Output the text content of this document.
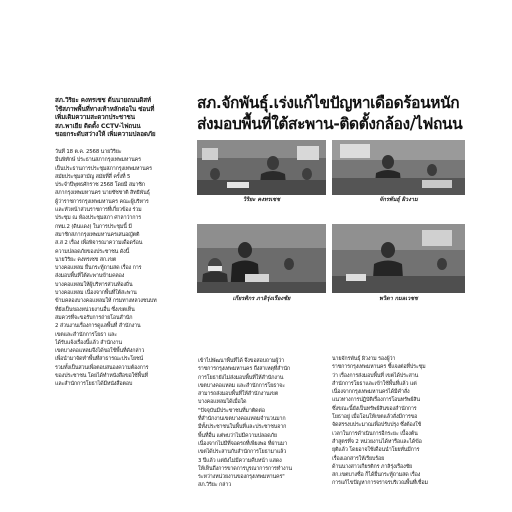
สภ.วิริยะ คงทรเซช ต้นนายถนนดิสท์
ใช้สภาพพื้นที่ทางเท้าหลักต่อใน ซ่อนที่
เพิ่มเติมความสะดวกประชาชน
สภ.พาเยีย ติดตั้ง CCTV-ไฟถนน
ขอยกระดับสว่างให้ เพิ่มความปลอดภัย
วันที่ 18 ต.ค. 2568 นายวิริยะ
มีนพิทักษ์ ประธานสภากรุงเทพมหานคร
เป็นประธานการประชุมสภากรุงเทพมหานคร
สมัยประชุมสามัญ สมัยที่สี่ ครั้งที่ 5
ประจำปีพุทธศักราช 2568 โดยมี สมาชิก
สภากรุงเทพมหานคร นายชัชชาติ สิทธิพันธุ์
ผู้ว่าราชการกรุงเทพมหานคร คณะผู้บริหาร
และหัวหน้าส่วนราชการที่เกี่ยวข้อง ร่วม
ประชุม ณ ห้องประชุมสภา ศาลาว่าการ
กทม.2 (ดินแดง) ในการประชุมนี้ มี
สมาชิกสภากรุงเทพมหานครเสนอญัตติ
ส.ส 2 เรื่อง เพื่อพิจารณาความเดือดร้อน
ความปลอดภัยของประชาชน ดังนี้
นายวิริยะ คงทรเซช สก.เขต
บางคอแหลม ยื่นกระทู้ถามสด เรื่อง การ
ส่งมอบพื้นที่ใต้สะพานข้ามคลอง
บางคอแหลมให้ผู้บริหารส่วนท้องถิ่น
บางคอแหลม เนื่องจากพื้นที่ใต้สะพาน
ข้ามคลองบางคอแหลมให้ กรมทางหลวงชนบท
ที่ยังเป็นของหน่วยงานอื่น ซึ่งเขตเห็น
สมควรที่จะขอรับการถ่ายโอนสำนัก
2 ส่วนงานเรื่องการดูแลพื้นที่ สำนักงาน
เขตและสำนักการโยธา และ
ได้รับแจ้งเรื่องนี้แล้ว สำนักงาน
เขตบางคอแหลมจึงได้ขอใช้พื้นที่ดังกล่าว
เพื่อนำมาจัดทำพื้นที่สาธารณะประโยชน์
รวมทั้งเป็นสวนเพื่อตอบสนองความต้องการ
ของประชาชน โดยได้ทำหนังสือขอใช้พื้นที่
และสำนักการโยธาได้มีหนังสือตอบ
สภ.จักพันธุ์.เร่งแก้ไขปัญหาเดือดร้อนหนัก
ส่งมอบพื้นที่ใต้สะพาน-ติดตั้งกล้อง/ไฟถนน
วิริยะ คงทรเซช	จักรพันธุ์ ผิวงาม
เกียรติกร ภาลิรุ่งเรืองชัย	พวิดา กมลเวชช
เข้าไปพัฒนาพื้นที่ได้ จึงขอสอบถามผู้ว่า
ราชการกรุงเทพมหานคร ถึงสาเหตุที่สำนัก
การโยธายังไม่ส่งมอบพื้นที่ให้สำนักงาน
เขตบางคอแหลม และสำนักการโยธาจะ
สามารถส่งมอบพื้นที่ให้สำนักงานเขต
บางคอแหลมได้เมื่อใด
"ปัจจุบันมีประชาชนที่มาติดต่อ
ที่สำนักงานเขตบางคอแหลมจำนวนมาก
มีทั้งประชาชนในพื้นที่และประชาชนจาก
พื้นที่อื่น แต่พบว่าไม่มีความปลอดภัย
เนื่องจากไม่มีที่จอดรถที่เพียงพอ ที่ผ่านมา
เขตได้ประสานกับสำนักการโยธามาแล้ว
3 ปีแล้ว แต่ยังไม่มีความคืบหน้า แสดง
ให้เห็นถึงการขาดการบูรณาการการทำงาน
ระหว่างหน่วยงานของกรุงเทพมหานคร"
สภ.วิริยะ กล่าว
นายจักรพันธุ์ ผิวงาม รองผู้ว่า
ราชการกรุงเทพมหานคร ชี้แจงต่อที่ประชุม
ว่า เรื่องการส่งมอบพื้นที่ เขตได้ประสาน
สำนักการโยธาและเข้าใช้พื้นที่แล้ว แต่
เนื่องจากกรุงเทพมหานครได้มีคำสั่ง
แนวทางการปฏิบัติเรื่องการโอนทรัพย์สิน
ซึ่งขณะนี้ยังเป็นทรัพย์สินของสำนักการ
โยธาอยู่ เมื่อโอนให้เขตแล้วสั่งมีการขอ
จัดสรรงบประมาณเพื่อปรับปรุง ซึ่งต้องใช้
เวลาในการดำเนินการอีกระยะ เบื้องต้น
สำสูตรที่จ 2 หน่วยงานได้หารือและได้ข้อ
ยุติแล้ว โดยอาจใช้เดือนนำโยยทั่นมีการ
เรื่องเอกสารให้เรียบร้อย
ด้านนางสาวเกียรติกร ภาลิรุ่งเรืองชัย
สก.เขตบางซื่อ ก็ได้ยื่นกระทู้ถามสด เรื่อง
การแก้ไขปัญหาการจราจรบริเวณพื้นที่เชื่อม
